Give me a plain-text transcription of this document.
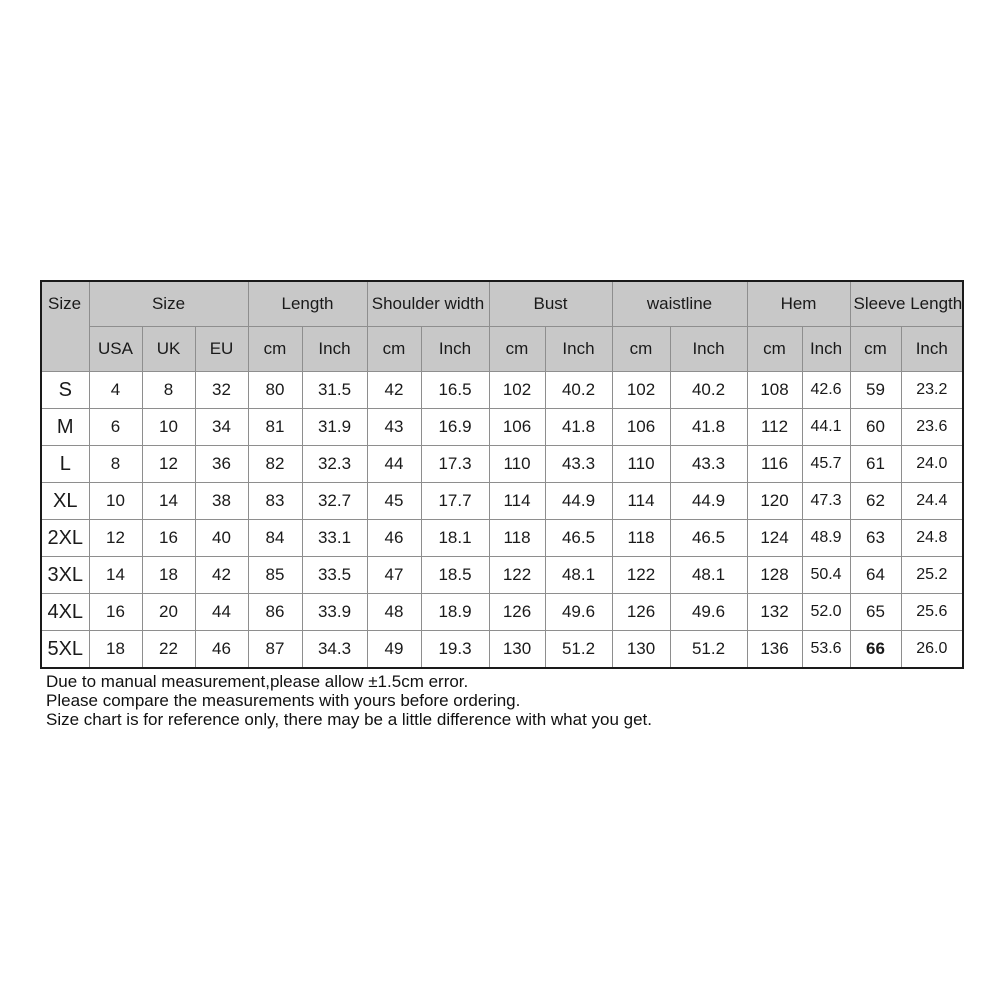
Size	Size			Length		Shoulder width		Bust		waistline		Hem		Sleeve Length	
	USA	UK	EU	cm	Inch	cm	Inch	cm	Inch	cm	Inch	cm	Inch	cm	Inch
S	4	8	32	80	31.5	42	16.5	102	40.2	102	40.2	108	42.6	59	23.2
M	6	10	34	81	31.9	43	16.9	106	41.8	106	41.8	112	44.1	60	23.6
L	8	12	36	82	32.3	44	17.3	110	43.3	110	43.3	116	45.7	61	24.0
XL	10	14	38	83	32.7	45	17.7	114	44.9	114	44.9	120	47.3	62	24.4
2XL	12	16	40	84	33.1	46	18.1	118	46.5	118	46.5	124	48.9	63	24.8
3XL	14	18	42	85	33.5	47	18.5	122	48.1	122	48.1	128	50.4	64	25.2
4XL	16	20	44	86	33.9	48	18.9	126	49.6	126	49.6	132	52.0	65	25.6
5XL	18	22	46	87	34.3	49	19.3	130	51.2	130	51.2	136	53.6	66	26.0
Due to manual measurement,please allow ±1.5cm error.
Please compare the measurements with yours before ordering.
Size chart is for reference only, there may be a little difference with what you get.
